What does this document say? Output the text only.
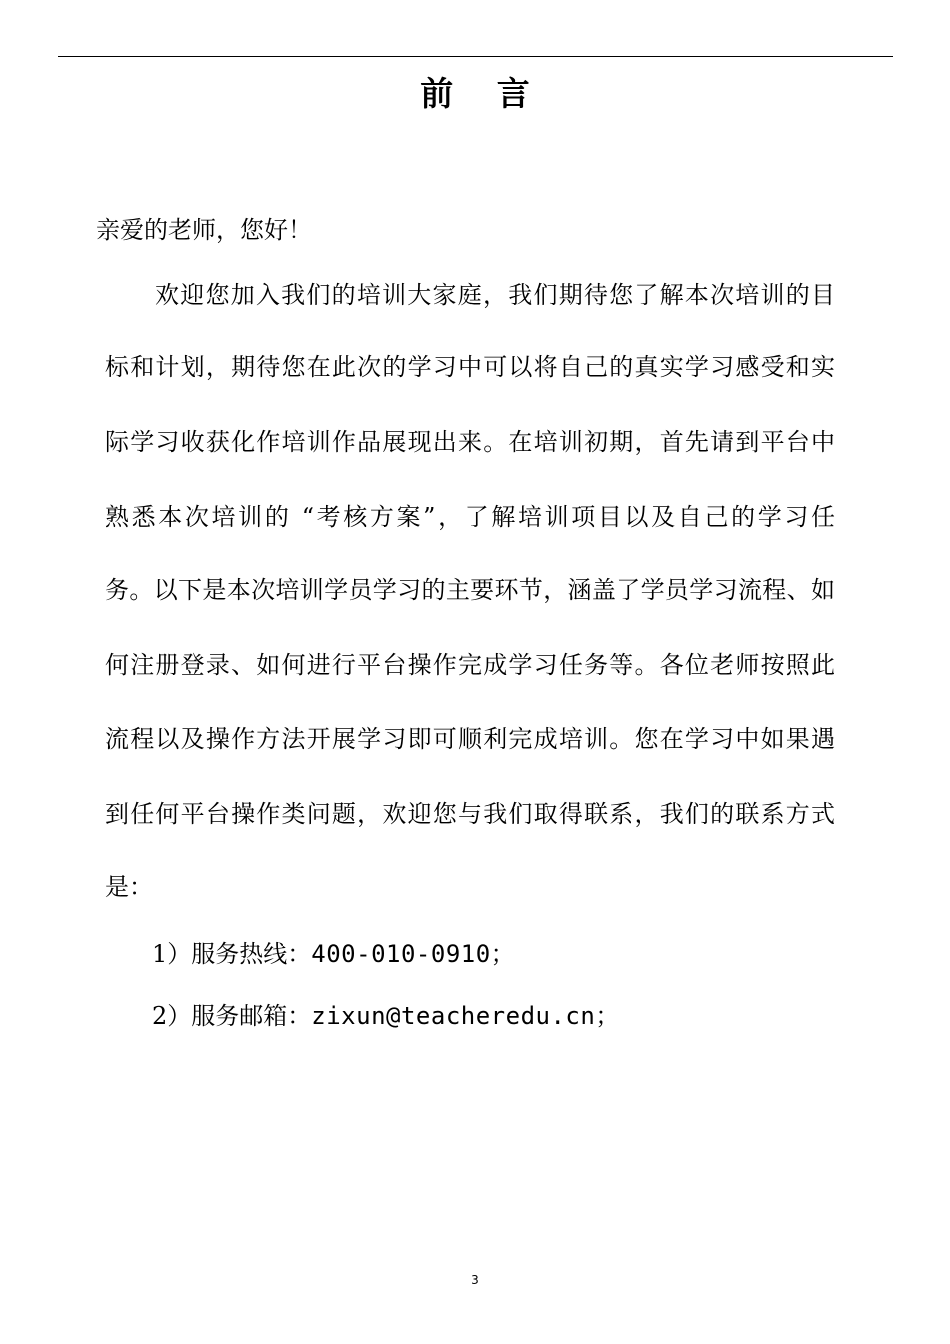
前 言
亲爱的老师，您好！
欢迎您加入我们的培训大家庭，我们期待您了解本次培训的目
标和计划，期待您在此次的学习中可以将自己的真实学习感受和实
际学习收获化作培训作品展现出来。在培训初期，首先请到平台中
熟悉本次培训的 “考核方案”，了解培训项目以及自己的学习任
务。以下是本次培训学员学习的主要环节，涵盖了学员学习流程、如
何注册登录、如何进行平台操作完成学习任务等。各位老师按照此
流程以及操作方法开展学习即可顺利完成培训。您在学习中如果遇
到任何平台操作类问题，欢迎您与我们取得联系，我们的联系方式
是：
1）服务热线：400-010-0910；
2）服务邮箱：zixun@teacheredu.cn；
3
